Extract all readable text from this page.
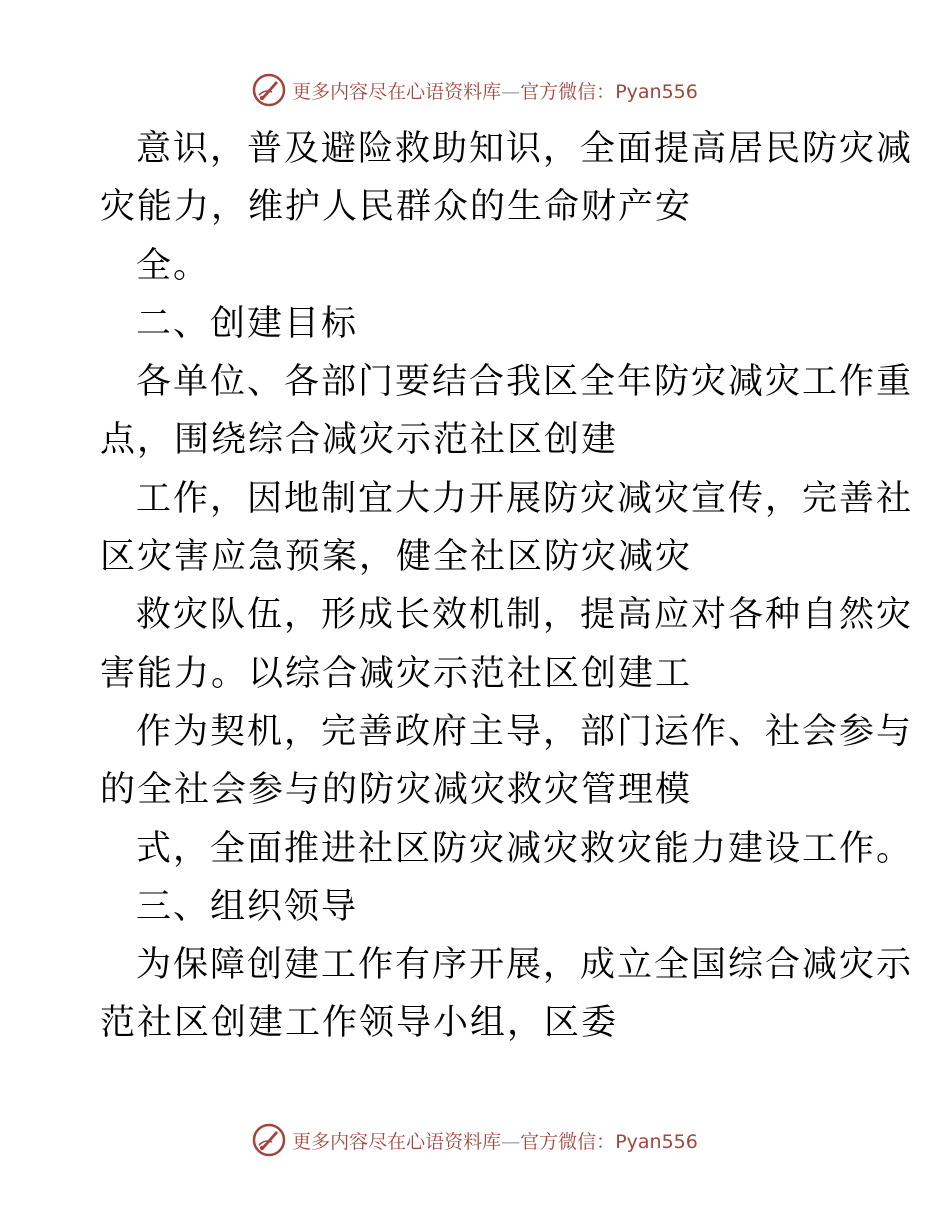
更多内容尽在心语资料库—官方微信：Pyan556
意识，普及避险救助知识，全面提高居民防灾减
灾能力，维护人民群众的生命财产安
全。
二、创建目标
各单位、各部门要结合我区全年防灾减灾工作重
点，围绕综合减灾示范社区创建
工作，因地制宜大力开展防灾减灾宣传，完善社
区灾害应急预案，健全社区防灾减灾
救灾队伍，形成长效机制，提高应对各种自然灾
害能力。以综合减灾示范社区创建工
作为契机，完善政府主导，部门运作、社会参与
的全社会参与的防灾减灾救灾管理模
式，全面推进社区防灾减灾救灾能力建设工作。
三、组织领导
为保障创建工作有序开展，成立全国综合减灾示
范社区创建工作领导小组，区委
更多内容尽在心语资料库—官方微信：Pyan556
